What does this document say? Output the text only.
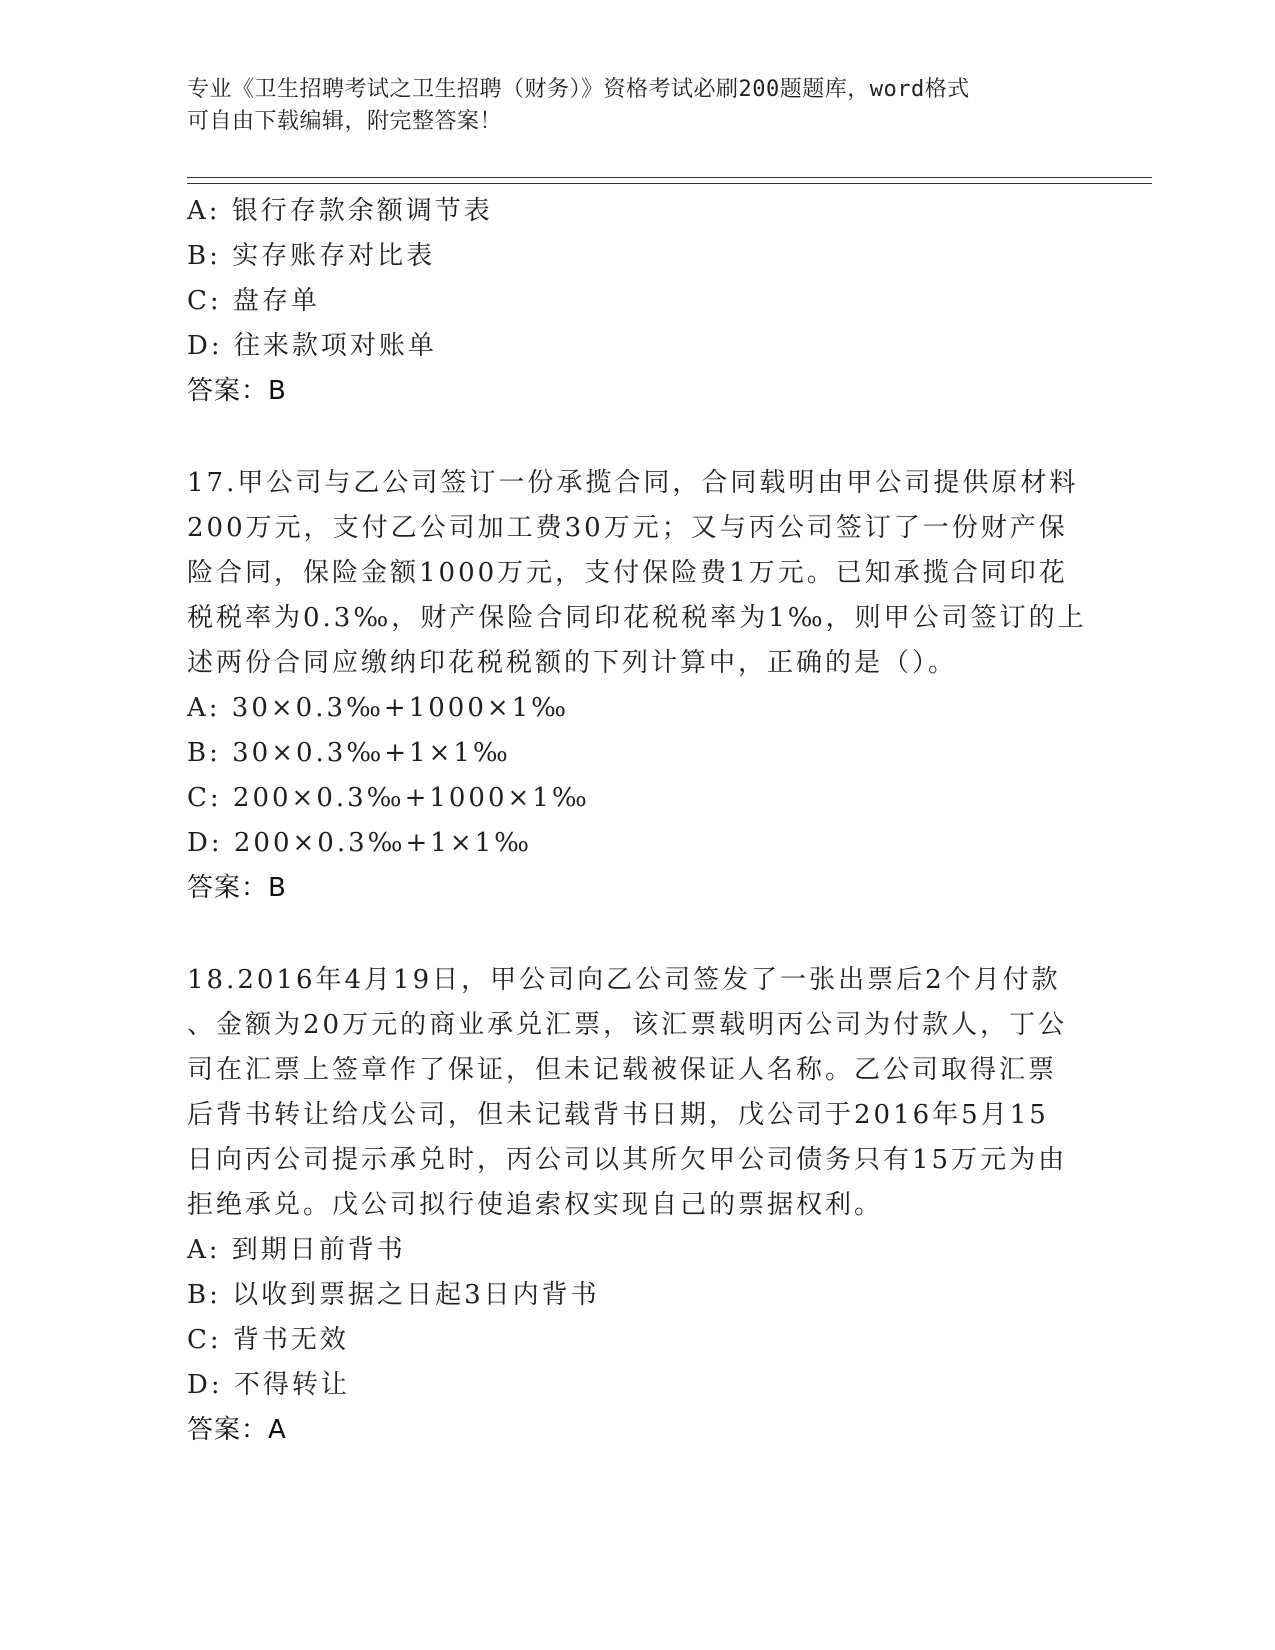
专业《卫生招聘考试之卫生招聘（财务）》资格考试必刷200题题库，word格式
可自由下载编辑，附完整答案！
A: 银行存款余额调节表
B: 实存账存对比表
C: 盘存单
D: 往来款项对账单
答案：B
17.甲公司与乙公司签订一份承揽合同，合同载明由甲公司提供原材料
200万元，支付乙公司加工费30万元；又与丙公司签订了一份财产保
险合同，保险金额1000万元，支付保险费1万元。已知承揽合同印花
税税率为0.3‰，财产保险合同印花税税率为1‰，则甲公司签订的上
述两份合同应缴纳印花税税额的下列计算中，正确的是（）。
A: 30×0.3‰+1000×1‰
B: 30×0.3‰+1×1‰
C: 200×0.3‰+1000×1‰
D: 200×0.3‰+1×1‰
答案：B
18.2016年4月19日，甲公司向乙公司签发了一张出票后2个月付款
、金额为20万元的商业承兑汇票，该汇票载明丙公司为付款人，丁公
司在汇票上签章作了保证，但未记载被保证人名称。乙公司取得汇票
后背书转让给戊公司，但未记载背书日期，戊公司于2016年5月15
日向丙公司提示承兑时，丙公司以其所欠甲公司债务只有15万元为由
拒绝承兑。戊公司拟行使追索权实现自己的票据权利。
A: 到期日前背书
B: 以收到票据之日起3日内背书
C: 背书无效
D: 不得转让
答案：A
